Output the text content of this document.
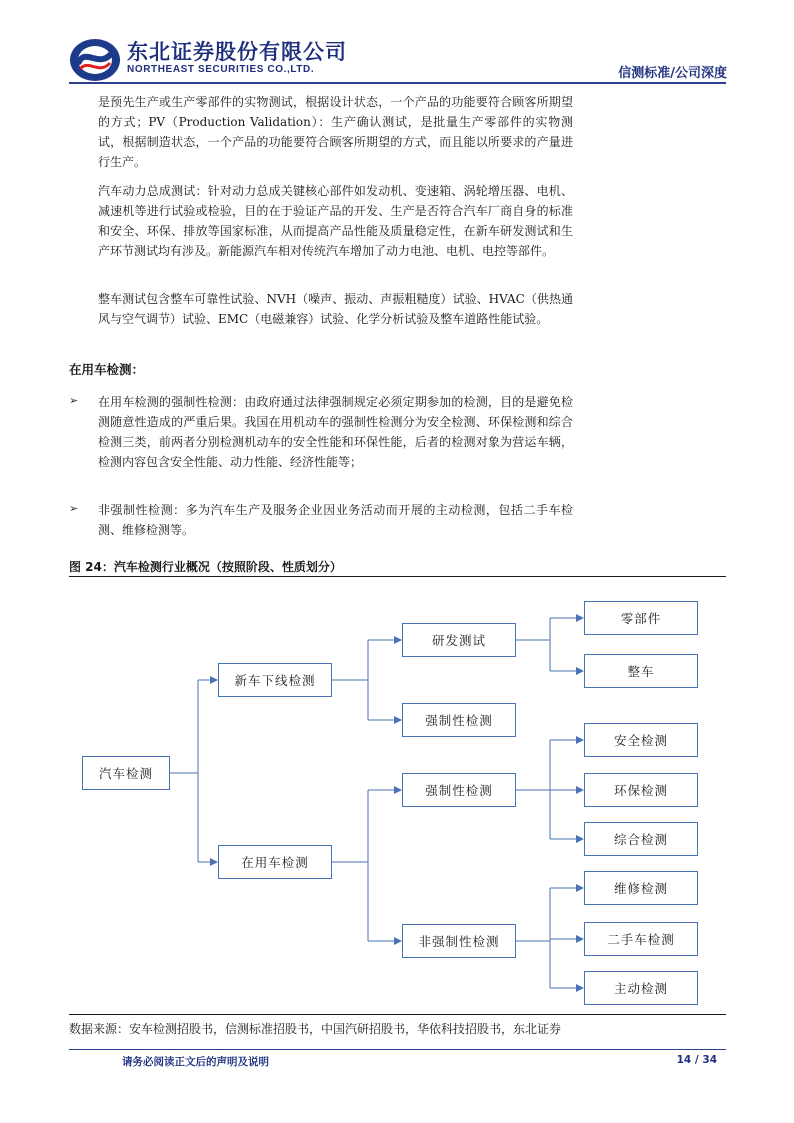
东北证券股份有限公司
NORTHEAST SECURITIES CO.,LTD.	信测标准/公司深度

是预先生产或生产零部件的实物测试，根据设计状态，一个产品的功能要符合顾客所期望的方式；PV（Production Validation）：生产确认测试，是批量生产零部件的实物测试，根据制造状态，一个产品的功能要符合顾客所期望的方式，而且能以所要求的产量进行生产。

汽车动力总成测试：针对动力总成关键核心部件如发动机、变速箱、涡轮增压器、电机、减速机等进行试验或检验，目的在于验证产品的开发、生产是否符合汽车厂商自身的标准和安全、环保、排放等国家标准，从而提高产品性能及质量稳定性，在新车研发测试和生产环节测试均有涉及。新能源汽车相对传统汽车增加了动力电池、电机、电控等部件。

整车测试包含整车可靠性试验、NVH（噪声、振动、声振粗糙度）试验、HVAC（供热通风与空气调节）试验、EMC（电磁兼容）试验、化学分析试验及整车道路性能试验。

在用车检测：

➢ 在用车检测的强制性检测：由政府通过法律强制规定必须定期参加的检测，目的是避免检测随意性造成的严重后果。我国在用机动车的强制性检测分为安全检测、环保检测和综合检测三类，前两者分别检测机动车的安全性能和环保性能，后者的检测对象为营运车辆，检测内容包含安全性能、动力性能、经济性能等；

➢ 非强制性检测：多为汽车生产及服务企业因业务活动而开展的主动检测，包括二手车检测、维修检测等。

图 24：汽车检测行业概况（按照阶段、性质划分）

汽车检测
新车下线检测
在用车检测
研发测试
强制性检测
强制性检测
非强制性检测
零部件
整车
安全检测
环保检测
综合检测
维修检测
二手车检测
主动检测

数据来源：安车检测招股书，信测标准招股书，中国汽研招股书，华依科技招股书，东北证券

请务必阅读正文后的声明及说明	14 / 34
